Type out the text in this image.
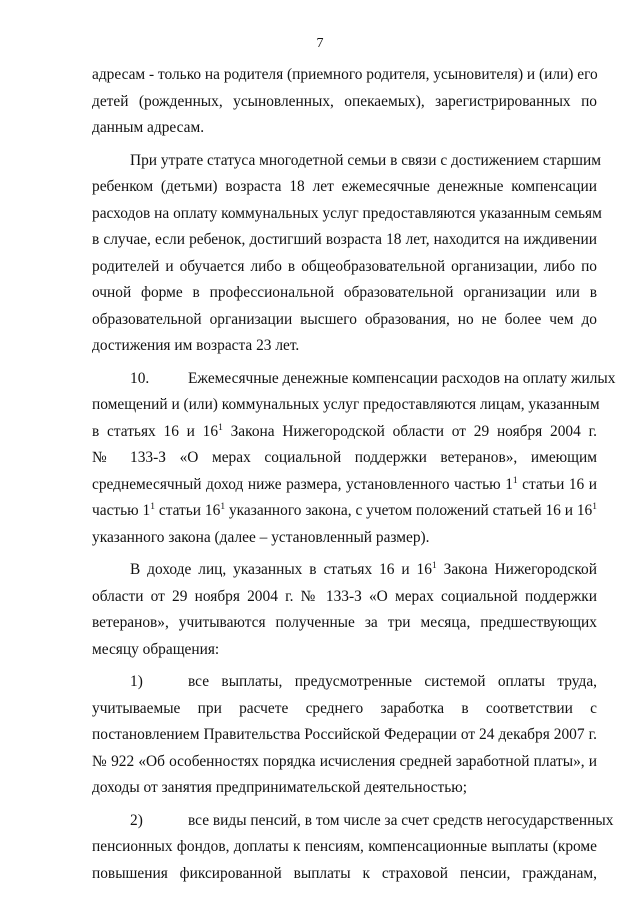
7
адресам - только на родителя (приемного родителя, усыновителя) и (или) его
детей (рожденных, усыновленных, опекаемых), зарегистрированных по
данным адресам.
При утрате статуса многодетной семьи в связи с достижением старшим
ребенком (детьми) возраста 18 лет ежемесячные денежные компенсации
расходов на оплату коммунальных услуг предоставляются указанным семьям
в случае, если ребенок, достигший возраста 18 лет, находится на иждивении
родителей и обучается либо в общеобразовательной организации, либо по
очной форме в профессиональной образовательной организации или в
образовательной организации высшего образования, но не более чем до
достижения им возраста 23 лет.
10.	Ежемесячные денежные компенсации расходов на оплату жилых
помещений и (или) коммунальных услуг предоставляются лицам, указанным
в статьях 16 и $16^1$ Закона Нижегородской области от 29 ноября 2004 г.
№ 133-З «О мерах социальной поддержки ветеранов», имеющим
среднемесячный доход ниже размера, установленного частью $1^1$ статьи 16 и
частью $1^1$ статьи $16^1$ указанного закона, с учетом положений статьей 16 и $16^1$
указанного закона (далее – установленный размер).
В доходе лиц, указанных в статьях 16 и $16^1$ Закона Нижегородской
области от 29 ноября 2004 г. № 133-З «О мерах социальной поддержки
ветеранов», учитываются полученные за три месяца, предшествующих
месяцу обращения:
1)	все выплаты, предусмотренные системой оплаты труда,
учитываемые при расчете среднего заработка в соответствии с
постановлением Правительства Российской Федерации от 24 декабря 2007 г.
№ 922 «Об особенностях порядка исчисления средней заработной платы», и
доходы от занятия предпринимательской деятельностью;
2)	все виды пенсий, в том числе за счет средств негосударственных
пенсионных фондов, доплаты к пенсиям, компенсационные выплаты (кроме
повышения фиксированной выплаты к страховой пенсии, гражданам,
